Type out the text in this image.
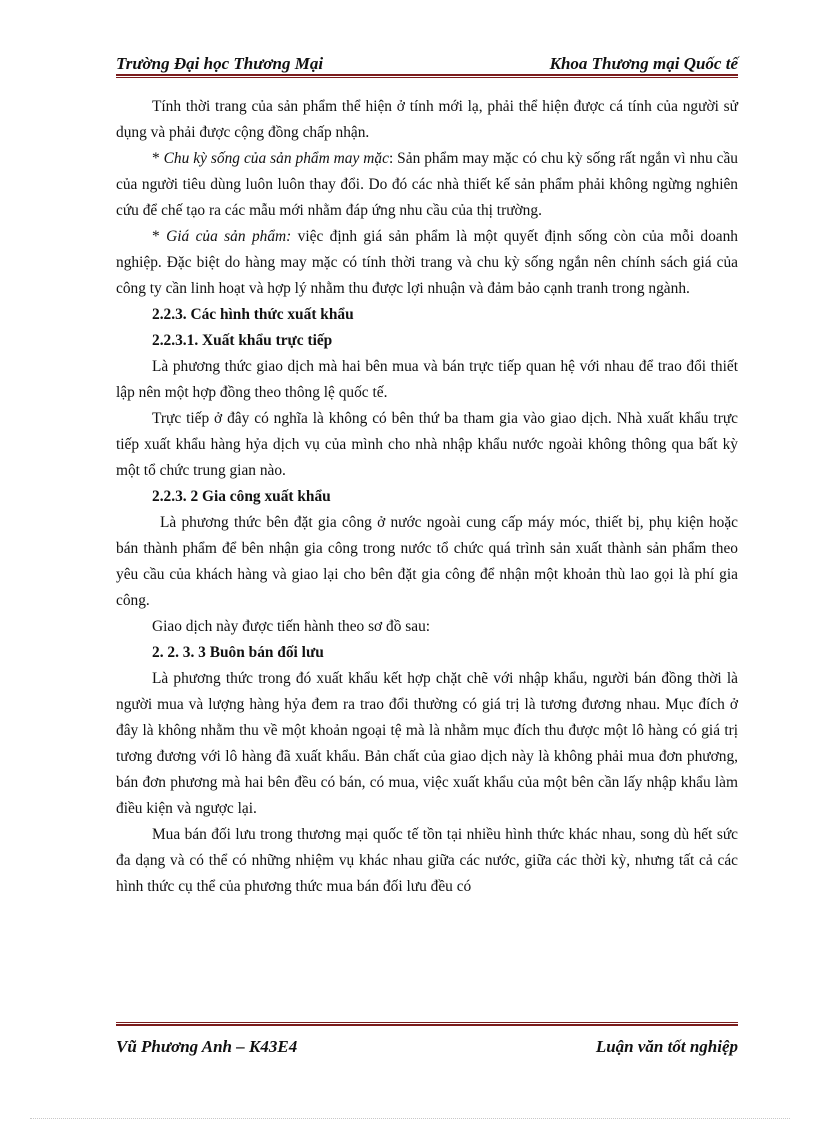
Trường Đại học Thương Mại	Khoa Thương mại Quốc tế

Tính thời trang của sản phẩm thể hiện ở tính mới lạ, phải thể hiện được cá tính của người sử dụng và phải được cộng đồng chấp nhận.

* Chu kỳ sống của sản phẩm may mặc: Sản phẩm may mặc có chu kỳ sống rất ngắn vì nhu cầu của người tiêu dùng luôn luôn thay đổi. Do đó các nhà thiết kế sản phẩm phải không ngừng nghiên cứu để chế tạo ra các mẫu mới nhằm đáp ứng nhu cầu của thị trường.

* Giá của sản phẩm: việc định giá sản phẩm là một quyết định sống còn của mỗi doanh nghiệp. Đặc biệt do hàng may mặc có tính thời trang và chu kỳ sống ngắn nên chính sách giá của công ty cần linh hoạt và hợp lý nhằm thu được lợi nhuận và đảm bảo cạnh tranh trong ngành.

2.2.3. Các hình thức xuất khẩu

2.2.3.1. Xuất khẩu trực tiếp

Là phương thức giao dịch mà hai bên mua và bán trực tiếp quan hệ với nhau để trao đổi thiết lập nên một hợp đồng theo thông lệ quốc tế.

Trực tiếp ở đây có nghĩa là không có bên thứ ba tham gia vào giao dịch. Nhà xuất khẩu trực tiếp xuất khẩu hàng hỷa dịch vụ của mình cho nhà nhập khẩu nước ngoài không thông qua bất kỳ một tổ chức trung gian nào.

2.2.3. 2 Gia công xuất khẩu

Là phương thức bên đặt gia công ở nước ngoài cung cấp máy móc, thiết bị, phụ kiện hoặc bán thành phẩm để bên nhận gia công trong nước tổ chức quá trình sản xuất thành sản phẩm theo yêu cầu của khách hàng và giao lại cho bên đặt gia công để nhận một khoản thù lao gọi là phí gia công.

Giao dịch này được tiến hành theo sơ đồ sau:

2. 2. 3. 3 Buôn bán đối lưu

Là phương thức trong đó xuất khẩu kết hợp chặt chẽ với nhập khẩu, người bán đồng thời là người mua và lượng hàng hỷa đem ra trao đổi thường có giá trị là tương đương nhau. Mục đích ở đây là không nhằm thu về một khoản ngoại tệ mà là nhằm mục đích thu được một lô hàng có giá trị tương đương với lô hàng đã xuất khẩu. Bản chất của giao dịch này là không phải mua đơn phương, bán đơn phương mà hai bên đều có bán, có mua, việc xuất khẩu của một bên cần lấy nhập khẩu làm điều kiện và ngược lại.

Mua bán đối lưu trong thương mại quốc tế tồn tại nhiều hình thức khác nhau, song dù hết sức đa dạng và có thể có những nhiệm vụ khác nhau giữa các nước, giữa các thời kỳ, nhưng tất cả các hình thức cụ thể của phương thức mua bán đối lưu đều có

Vũ Phương Anh – K43E4	Luận văn tốt nghiệp
